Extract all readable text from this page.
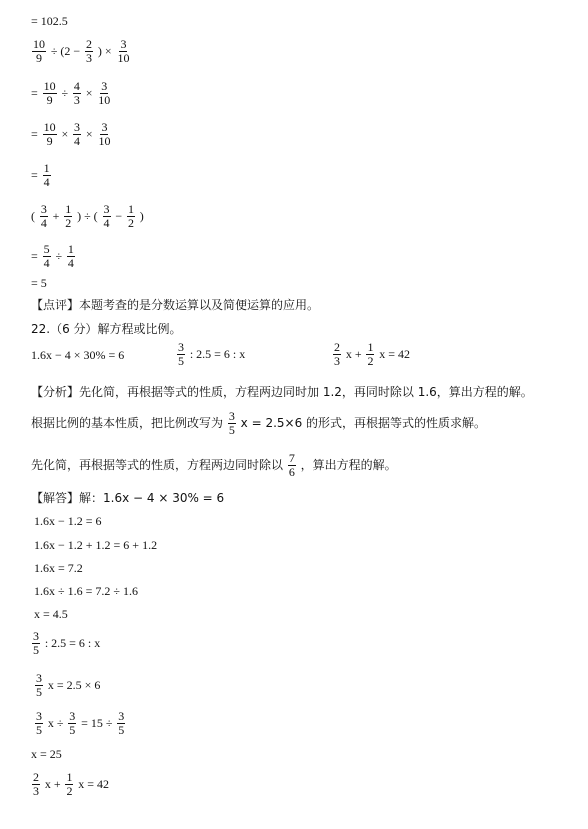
= 102.5
$\frac{10}{9} \div (2 - \frac{2}{3}$ ) × $\frac{3}{10}$
= $\frac{10}{9} \div \frac{4}{3} \times \frac{3}{10}$
= $\frac{10}{9} \times \frac{3}{4} \times \frac{3}{10}$
= $\frac{1}{4}$
( $\frac{3}{4} + \frac{1}{2}$ ) ÷ ( $\frac{3}{4} - \frac{1}{2}$ )
= $\frac{5}{4} \div \frac{1}{4}$
= 5
【点评】本题考查的是分数运算以及简便运算的应用。
22.（6 分）解方程或比例。
1.6x − 4 × 30% = 6	$\frac{3}{5}$ : 2.5 = 6 : x	$\frac{2}{3}$ $x + \frac{1}{2}$ x = 42
【分析】先化简，再根据等式的性质，方程两边同时加 1.2，再同时除以 1.6，算出方程的解。
根据比例的基本性质，把比例改写为 $\frac{3}{5}$ x = 2.5×6 的形式，再根据等式的性质求解。
先化简，再根据等式的性质，方程两边同时除以 $\frac{7}{6}$ ，算出方程的解。
【解答】解：1.6x − 4 × 30% = 6
1.6x − 1.2 = 6
1.6x − 1.2 + 1.2 = 6 + 1.2
1.6x = 7.2
1.6x ÷ 1.6 = 7.2 ÷ 1.6
x = 4.5
$\frac{3}{5}$ : 2.5 = 6 : x
$\frac{3}{5}$ x = 2.5 × 6
$\frac{3}{5}$ $x \div \frac{3}{5} = 15 \div \frac{3}{5}$
x = 25
$\frac{2}{3}$ $x + \frac{1}{2}$ x = 42
